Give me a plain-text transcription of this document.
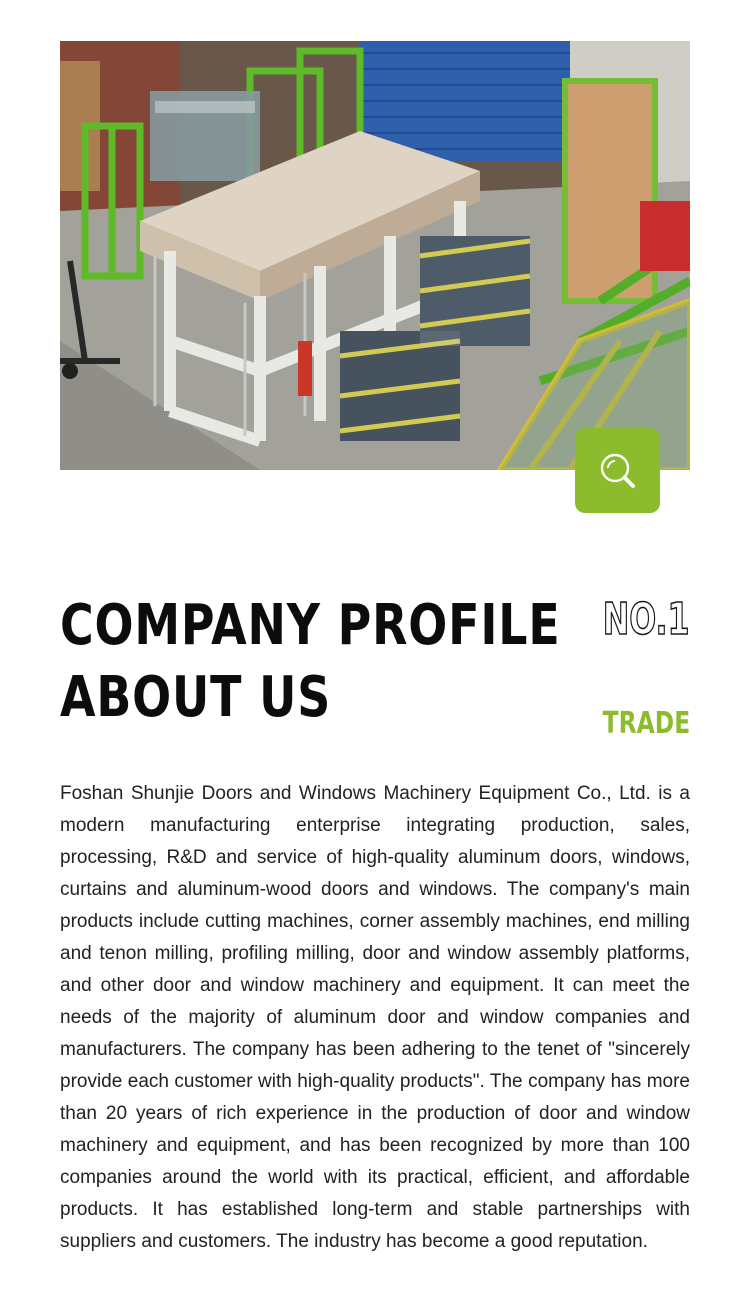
COMPANY PROFILE
ABOUT US
NO.1
TRADE

Foshan Shunjie Doors and Windows Machinery Equipment Co., Ltd. is a modern manufacturing enterprise integrating production, sales, processing, R&D and service of high-quality aluminum doors, windows, curtains and aluminum-wood doors and windows. The company's main products include cutting machines, corner assembly machines, end milling and tenon milling, profiling milling, door and window assembly platforms, and other door and window machinery and equipment. It can meet the needs of the majority of aluminum door and window companies and manufacturers. The company has been adhering to the tenet of "sincerely provide each customer with high-quality products". The company has more than 20 years of rich experience in the production of door and window machinery and equipment, and has been recognized by more than 100 companies around the world with its practical, efficient, and affordable products. It has established long-term and stable partnerships with suppliers and customers. The industry has become a good reputation.
